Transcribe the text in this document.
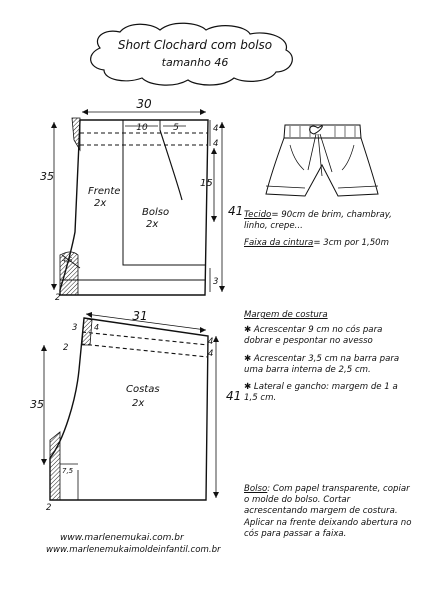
Short Clochard com bolso
tamanho 46
30
10	5
35
41
15
4
4
3
4,5
2
Frente
2x
Bolso
2x
31
3 4
4
4
35
41
2
7,5
2
Costas
2x
www.marlenemukai.com.br
www.marlenemukaimoldeinfantil.com.br

Tecido= 90cm de brim, chambray, linho, crepe...

Faixa da cintura= 3cm por 1,50m

Margem de costura

✱ Acrescentar 9 cm no cós para dobrar e pespontar no avesso

✱ Acrescentar 3,5 cm na barra para uma barra interna de 2,5 cm.

✱ Lateral e gancho: margem de 1 a 1,5 cm.

Bolso: Com papel transparente, copiar o molde do bolso. Cortar acrescentando margem de costura. Aplicar na frente deixando abertura no cós para passar a faixa.
